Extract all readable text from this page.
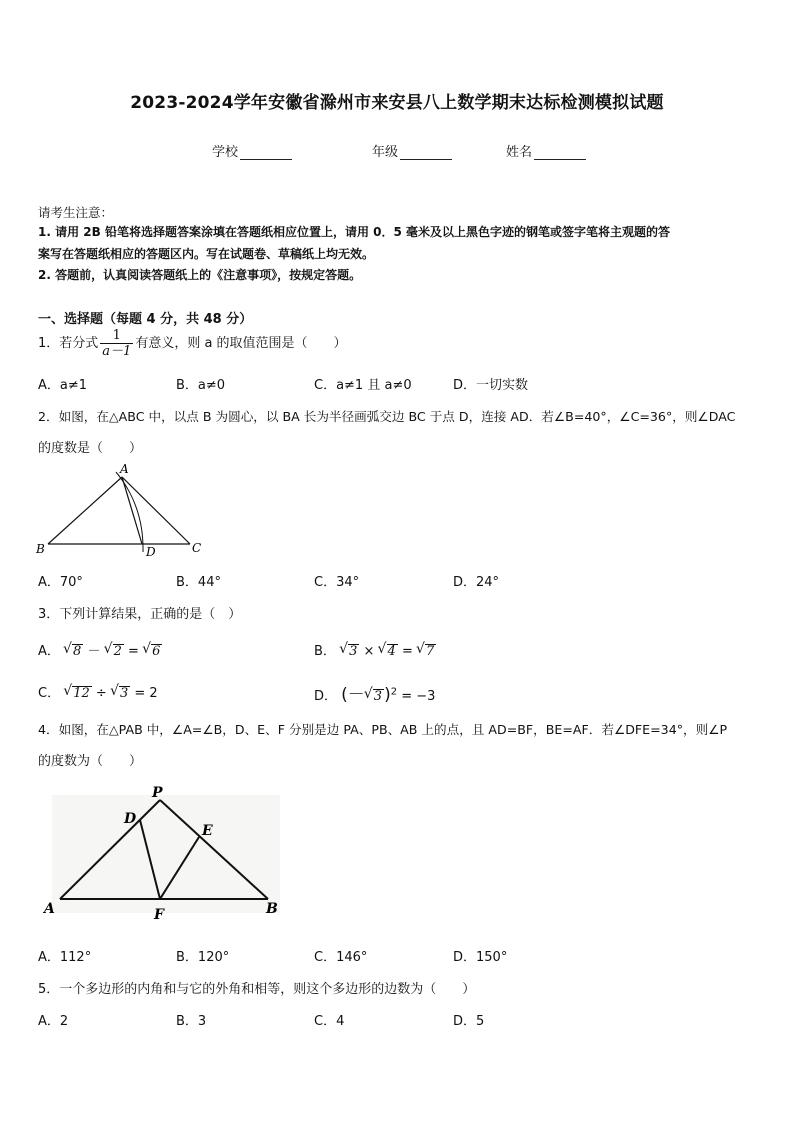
2023-2024学年安徽省滁州市来安县八上数学期末达标检测模拟试题
学校	年级	姓名
请考生注意：
1. 请用 2B 铅笔将选择题答案涂填在答题纸相应位置上，请用 0．5 毫米及以上黑色字迹的钢笔或签字笔将主观题的答
案写在答题纸相应的答题区内。写在试题卷、草稿纸上均无效。
2. 答题前，认真阅读答题纸上的《注意事项》，按规定答题。
一、选择题（每题 4 分，共 48 分）
1．若分式 $\frac{1}{a-1}$ 有意义，则 a 的取值范围是（　　）
A．a≠1	B．a≠0	C．a≠1 且 a≠0	D．一切实数
2．如图，在△ABC 中，以点 B 为圆心，以 BA 长为半径画弧交边 BC 于点 D，连接 AD．若∠B=40°，∠C=36°，则∠DAC
的度数是（　　）
A
B	C
D
A．70°	B．44°	C．34°	D．24°
3．下列计算结果，正确的是（　）
A． √ 8 － √ 2 = √ 6	B． √ 3 × √ 4 = √ 7
C． √ 12 ÷ √ 3 = 2	D． (－ √ 3 )$^2$ = −3
4．如图，在△PAB 中，∠A=∠B，D、E、F 分别是边 PA、PB、AB 上的点，且 AD=BF，BE=AF．若∠DFE=34°，则∠P
的度数为（　　）
P
D
E
A	F	B
A．112°	B．120°	C．146°	D．150°
5．一个多边形的内角和与它的外角和相等，则这个多边形的边数为（　　）
A．2	B．3	C．4	D．5
